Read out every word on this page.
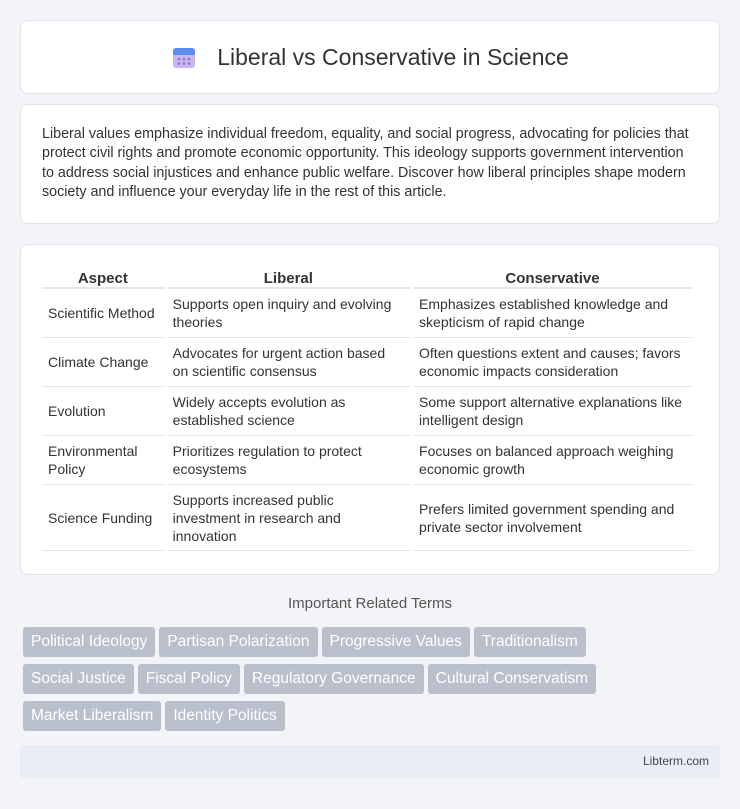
Liberal vs Conservative in Science

Liberal values emphasize individual freedom, equality, and social progress, advocating for policies that protect civil rights and promote economic opportunity. This ideology supports government intervention to address social injustices and enhance public welfare. Discover how liberal principles shape modern society and influence your everyday life in the rest of this article.

Aspect	Liberal	Conservative
Scientific Method	Supports open inquiry and evolving theories	Emphasizes established knowledge and skepticism of rapid change
Climate Change	Advocates for urgent action based on scientific consensus	Often questions extent and causes; favors economic impacts consideration
Evolution	Widely accepts evolution as established science	Some support alternative explanations like intelligent design
Environmental Policy	Prioritizes regulation to protect ecosystems	Focuses on balanced approach weighing economic growth
Science Funding	Supports increased public investment in research and innovation	Prefers limited government spending and private sector involvement
Important Related Terms
Political Ideology Partisan Polarization Progressive Values Traditionalism
Social Justice Fiscal Policy Regulatory Governance Cultural Conservatism
Market Liberalism Identity Politics
Libterm.com
